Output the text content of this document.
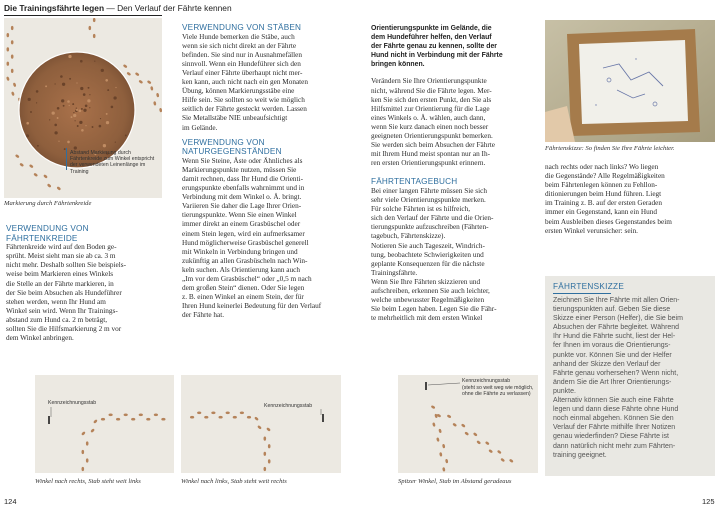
Die Trainingsfährte legen — Den Verlauf der Fährte kennen
Abstand Markierung durch Fährtenkreide zum Winkel entspricht der verwendeten Leinenlänge im Training
Markierung durch Fährtenkreide

VERWENDUNG VON FÄHRTENKREIDE

Fährtenkreide wird auf den Boden ge-

sprüht. Meist sieht man sie ab ca. 3 m

nicht mehr. Deshalb sollten Sie beispiels-

weise beim Markieren eines Winkels

die Stelle an der Fährte markieren, in

der Sie beim Absuchen als Hundeführer

stehen werden, wenn Ihr Hund am

Winkel sein wird. Wenn Ihr Trainings-

abstand zum Hund ca. 2 m beträgt,

sollten Sie die Hilfsmarkierung 2 m vor

dem Winkel anbringen.

VERWENDUNG VON STÄBEN

Viele Hunde bemerken die Stäbe, auch

wenn sie sich nicht direkt an der Fährte

befinden. Sie sind nur in Ausnahmefällen

sinnvoll. Wenn ein Hundeführer sich den

Verlauf einer Fährte überhaupt nicht mer-

ken kann, auch nicht nach ein gen Monaten

Übung, können Markierungsstäbe eine

Hilfe sein. Sie sollten so weit wie möglich

seitlich der Fährte gesteckt werden. Lassen

Sie Metallstäbe NIE unbeaufsichtigt

im Gelände.

VERWENDUNG VON NATURGEGENSTÄNDEN

Wenn Sie Steine, Äste oder Ähnliches als

Markierungspunkte nutzen, müssen Sie

damit rechnen, dass Ihr Hund die Orienti-

erungspunkte ebenfalls wahrnimmt und in

Verbindung mit dem Winkel o. Ä. bringt.

Variieren Sie daher die Lage Ihrer Orien-

tierungspunkte. Wenn Sie einen Winkel

immer direkt an einem Grasbüschel oder

einem Stein legen, wird ein aufmerksamer

Hund möglicherweise Grasbüschel generell

mit Winkeln in Verbindung bringen und

zukünftig an allen Grasbüscheln nach Win-

keln suchen. Als Orientierung kann auch

„Im vor dem Grasbüschel“ oder „0,5 m nach

dem großen Stein“ dienen. Oder Sie legen

z. B. einen Winkel an einem Stein, der für

Ihren Hund keinerlei Bedeutung für den Verlauf

der Fährte hat.

Orientierungspunkte im Gelände, die

dem Hundeführer helfen, den Verlauf

der Fährte genau zu kennen, sollte der

Hund nicht in Verbindung mit der Fährte

bringen können.

Verändern Sie Ihre Orientierungspunkte

nicht, während Sie die Fährte legen. Mer-

ken Sie sich den ersten Punkt, den Sie als

Hilfsmittel zur Orientierung für die Lage

eines Winkels o. Ä. wählen, auch dann,

wenn Sie kurz danach einen noch besser

geeigneten Orientierungspunkt bemerken.

Sie werden sich beim Absuchen der Fährte

mit Ihrem Hund meist spontan nur an Ih-

ren ersten Orientierungspunkt erinnern.

FÄHRTENTAGEBUCH

Bei einer langen Fährte müssen Sie sich

sehr viele Orientierungspunkte merken.

Für solche Fährten ist es hilfreich,

sich den Verlauf der Fährte und die Orien-

tierungspunkte aufzuschreiben (Fährten-

tagebuch, Fährtenskizze).

Notieren Sie auch Tageszeit, Windrich-

tung, beobachtete Schwierigkeiten und

geplante Konsequenzen für die nächste

Trainingsfährte.

Wenn Sie Ihre Fährten skizzieren und

aufschreiben, erkennen Sie auch leichter,

welche unbewusster Regelmäßigkeiten

Sie beim Legen haben. Legen Sie die Fähr-

te mehrheitlich mit dem ersten Winkel

x
x
Fährtenskizze: So finden Sie Ihre Fährte leichter.

nach rechts oder nach links? Wo liegen

die Gegenstände? Alle Regelmäßigkeiten

beim Fährtenlegen können zu Fehllon-

ditionierungen beim Hund führen. Liegt

im Training z. B. auf der ersten Geraden

immer ein Gegenstand, kann ein Hund

beim Ausbleiben dieses Gegenstandes beim

ersten Winkel verunsicher: sein.

FÄHRTENSKIZZE

Zeichnen Sie Ihre Fährte mit allen Orien-

tierungspunkten auf. Geben Sie diese

Skizze einer Person (Helfer), die Sie beim

Absuchen der Fährte begleitet. Während

Ihr Hund die Fährte sucht, liest der Hel-

fer Ihnen im voraus die Orientierungs-

punkte vor. Können Sie und der Helfer

anhand der Skizze den Verlauf der

Fährte genau vorhersehen? Wenn nicht,

ändern Sie die Art Ihrer Orientierungs-

punkte.

Alternativ können Sie auch eine Fährte

legen und dann diese Fährte ohne Hund

noch einmal abgehen. Können Sie den

Verlauf der Fährte mithilfe Ihrer Notizen

genau wiederfinden? Diese Fährte ist

dann natürlich nicht mehr zum Fährten-

training geeignet.

Kennzeichnungsstab
Winkel nach rechts, Stab steht weit links
Kennzeichnungsstab
Winkel nach links, Stab steht weit rechts
Kennzeichnungsstab
(steht so weit weg wie möglich, ohne die Fährte zu verlassen)
Spitzer Winkel, Stab im Abstand geradeaus
124	125
